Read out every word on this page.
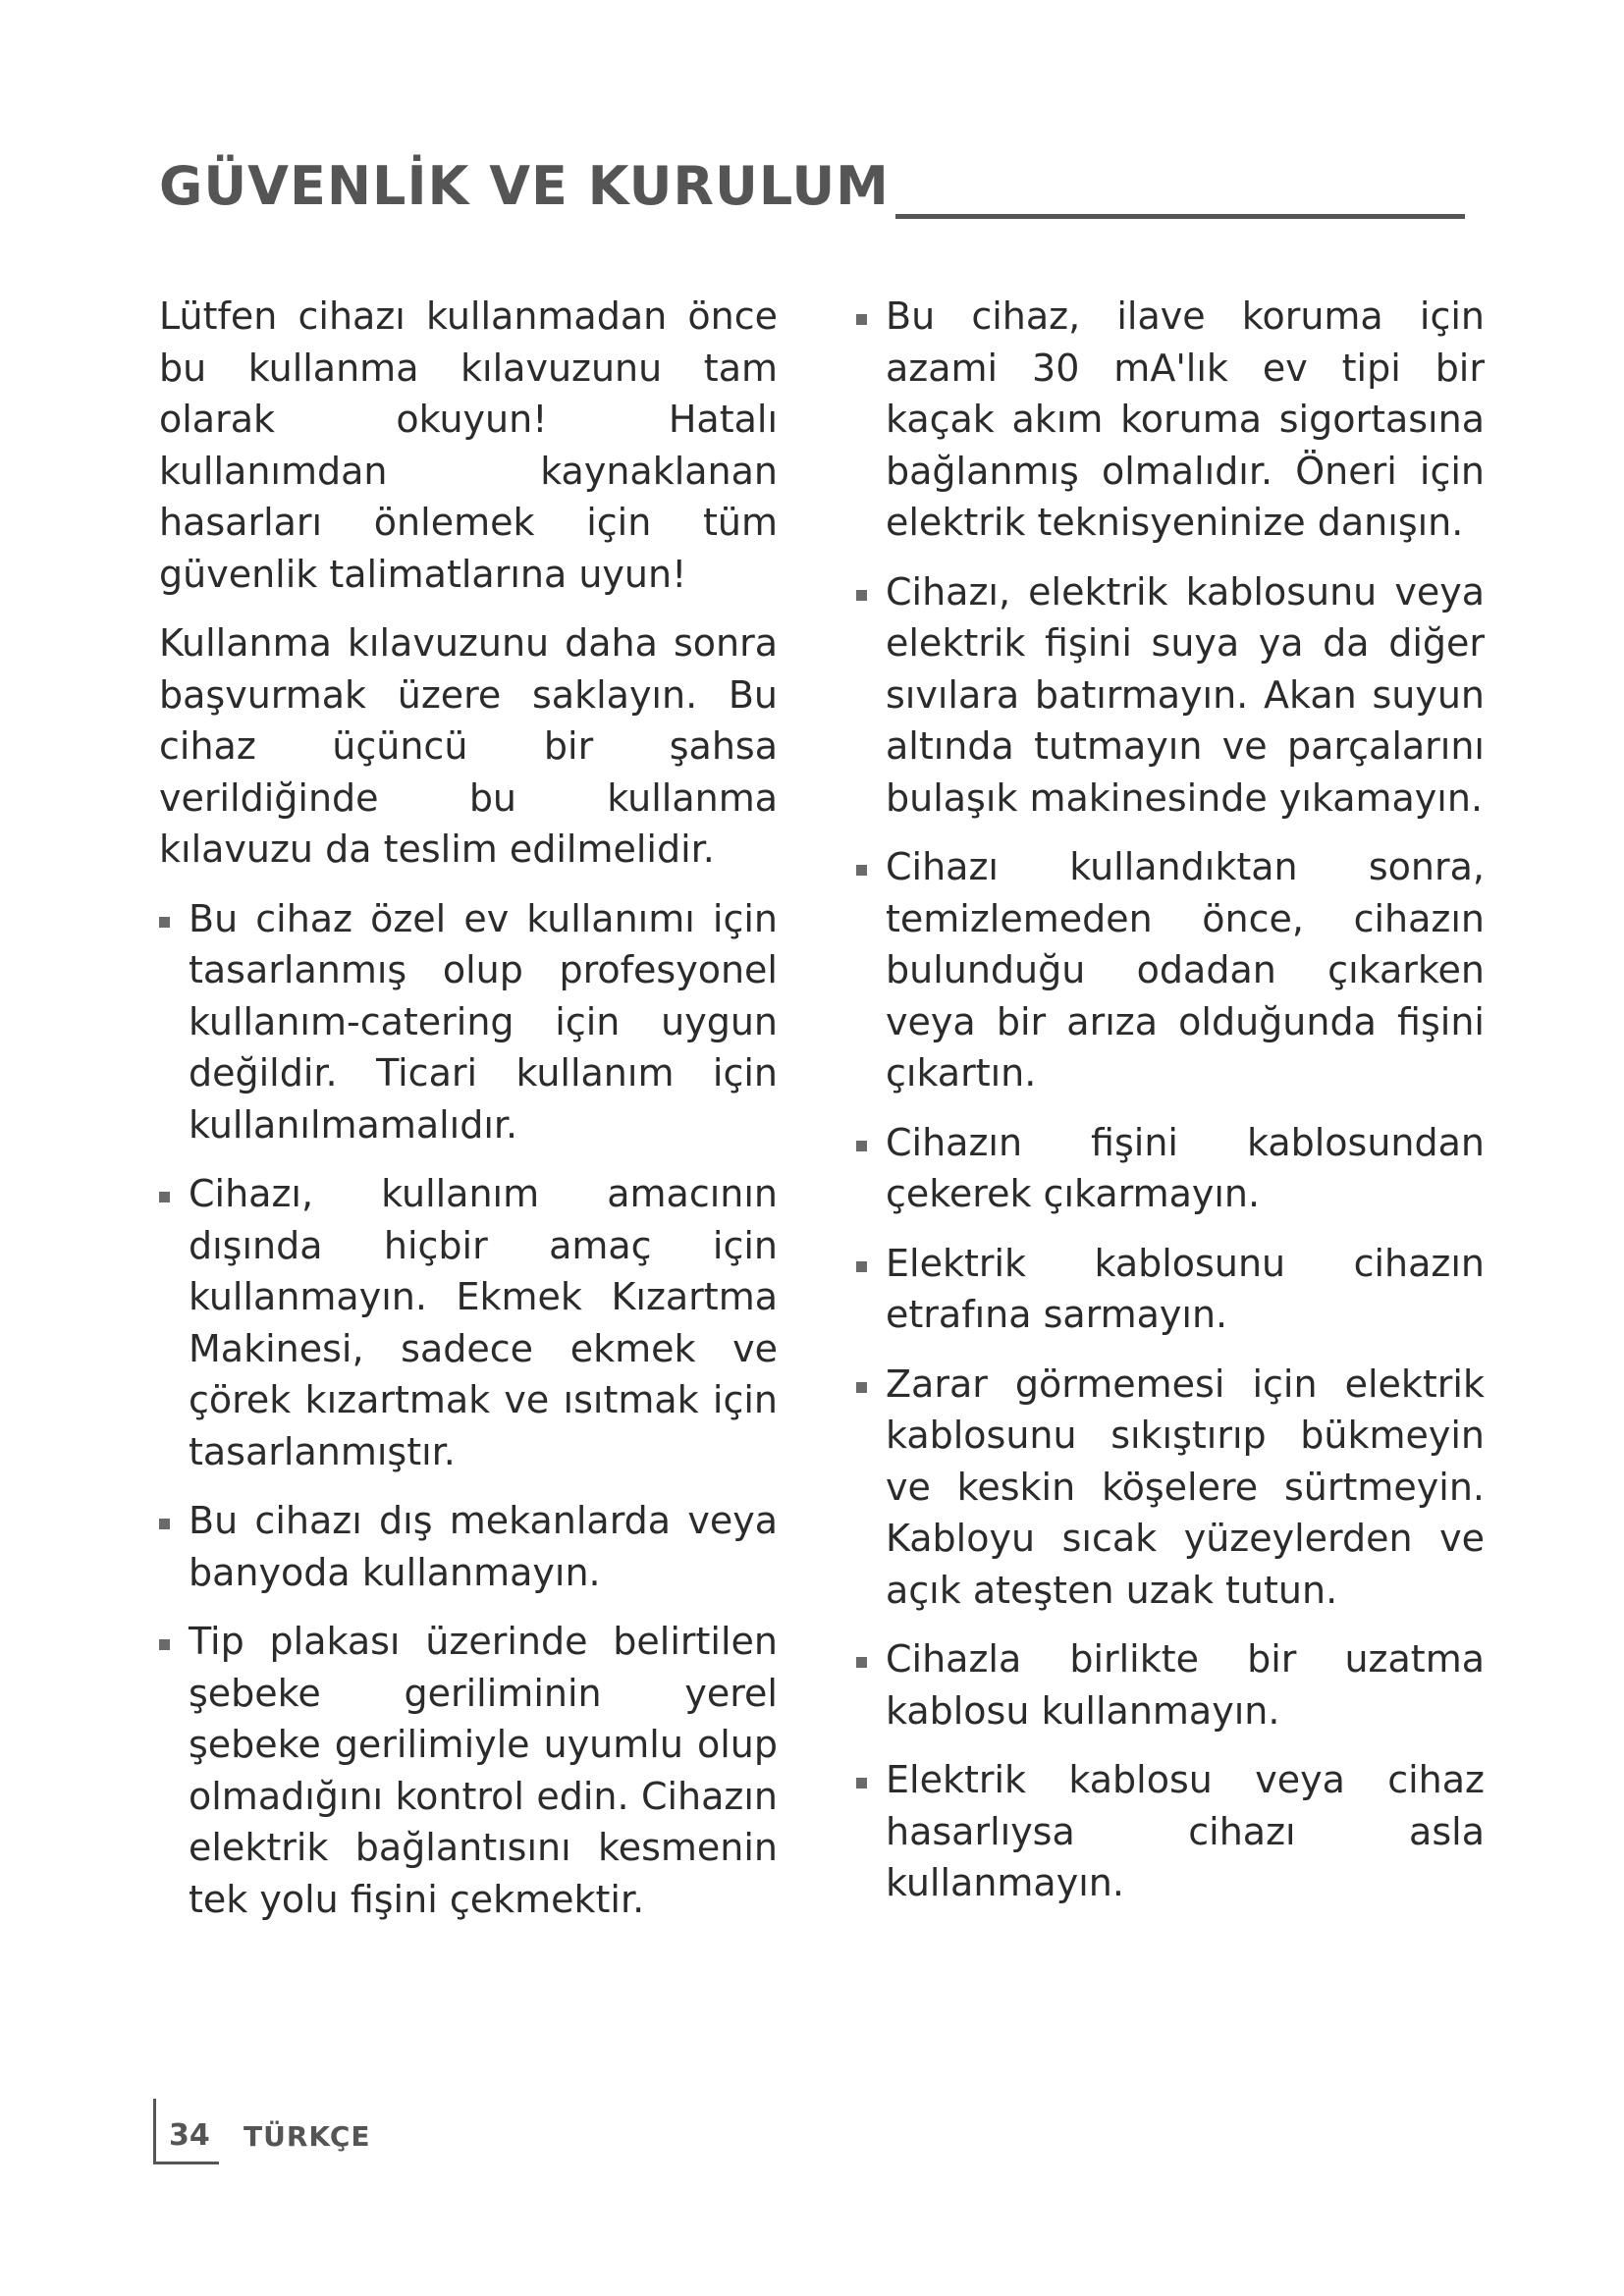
GÜVENLİK VE KURULUM

Lütfen cihazı kullanmadan önce bu kullanma kılavuzunu tam olarak okuyun! Hatalı kullanımdan kaynaklanan hasarları önlemek için tüm güvenlik talimatlarına uyun!

Kullanma kılavuzunu daha sonra başvurmak üzere saklayın. Bu cihaz üçüncü bir şahsa verildiğinde bu kullanma kılavuzu da teslim edilmelidir.

Bu cihaz özel ev kullanımı için tasarlanmış olup profesyonel kullanım-catering için uygun değildir. Ticari kullanım için kullanılmamalıdır.
Cihazı, kullanım amacının dışında hiçbir amaç için kullanmayın. Ekmek Kızartma Makinesi, sadece ekmek ve çörek kızartmak ve ısıtmak için tasarlanmıştır.
Bu cihazı dış mekanlarda veya banyoda kullanmayın.
Tip plakası üzerinde belirtilen şebeke geriliminin yerel şebeke gerilimiyle uyumlu olup olmadığını kontrol edin. Cihazın elektrik bağlantısını kesmenin tek yolu fişini çekmektir.
Bu cihaz, ilave koruma için azami 30 mA'lık ev tipi bir kaçak akım koruma sigortasına bağlanmış olmalıdır. Öneri için elektrik teknisyeninize danışın.
Cihazı, elektrik kablosunu veya elektrik fişini suya ya da diğer sıvılara batırmayın. Akan suyun altında tutmayın ve parçalarını bulaşık makinesinde yıkamayın.
Cihazı kullandıktan sonra, temizlemeden önce, cihazın bulunduğu odadan çıkarken veya bir arıza olduğunda fişini çıkartın.
Cihazın fişini kablosundan çekerek çıkarmayın.
Elektrik kablosunu cihazın etrafına sarmayın.
Zarar görmemesi için elektrik kablosunu sıkıştırıp bükmeyin ve keskin köşelere sürtmeyin. Kabloyu sıcak yüzeylerden ve açık ateşten uzak tutun.
Cihazla birlikte bir uzatma kablosu kullanmayın.
Elektrik kablosu veya cihaz hasarlıysa cihazı asla kullanmayın.
34 TÜRKÇE
